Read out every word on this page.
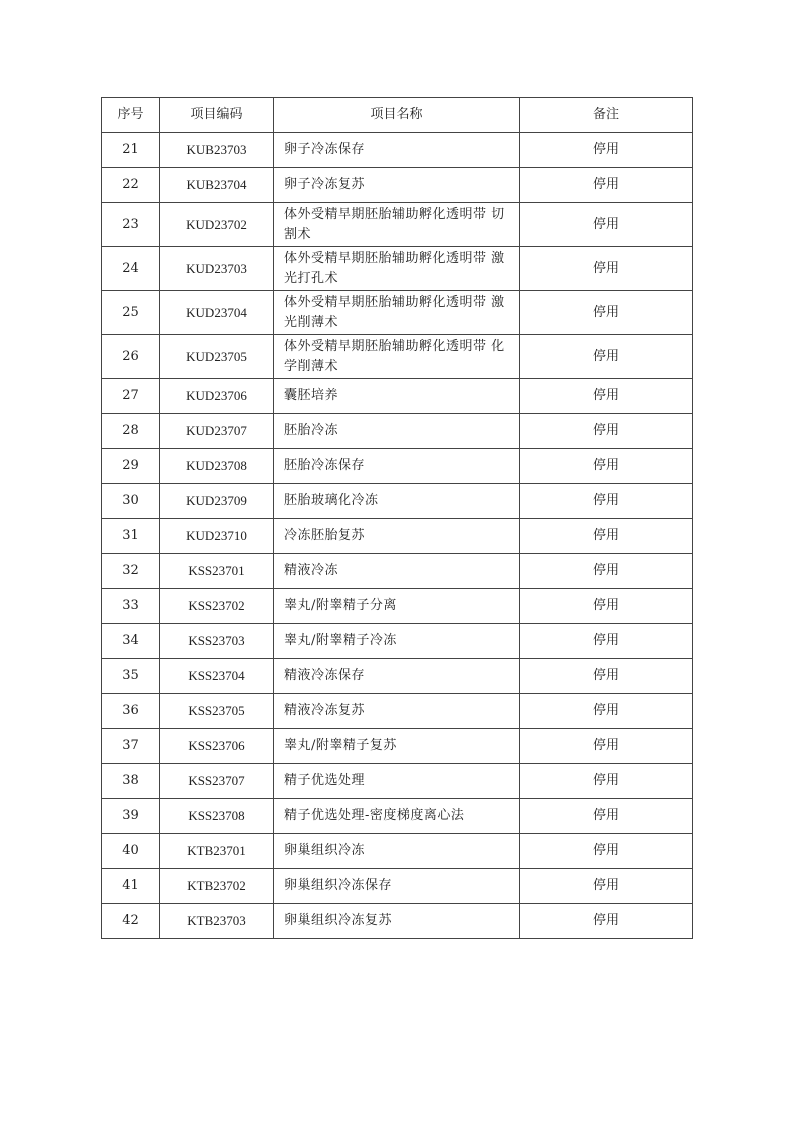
序号	项目编码	项目名称	备注
21	KUB23703	卵子冷冻保存	停用
22	KUB23704	卵子冷冻复苏	停用
23	KUD23702	体外受精早期胚胎辅助孵化透明带 切割术	停用
24	KUD23703	体外受精早期胚胎辅助孵化透明带 激光打孔术	停用
25	KUD23704	体外受精早期胚胎辅助孵化透明带 激光削薄术	停用
26	KUD23705	体外受精早期胚胎辅助孵化透明带 化学削薄术	停用
27	KUD23706	囊胚培养	停用
28	KUD23707	胚胎冷冻	停用
29	KUD23708	胚胎冷冻保存	停用
30	KUD23709	胚胎玻璃化冷冻	停用
31	KUD23710	冷冻胚胎复苏	停用
32	KSS23701	精液冷冻	停用
33	KSS23702	睾丸/附睾精子分离	停用
34	KSS23703	睾丸/附睾精子冷冻	停用
35	KSS23704	精液冷冻保存	停用
36	KSS23705	精液冷冻复苏	停用
37	KSS23706	睾丸/附睾精子复苏	停用
38	KSS23707	精子优选处理	停用
39	KSS23708	精子优选处理-密度梯度离心法	停用
40	KTB23701	卵巢组织冷冻	停用
41	KTB23702	卵巢组织冷冻保存	停用
42	KTB23703	卵巢组织冷冻复苏	停用
